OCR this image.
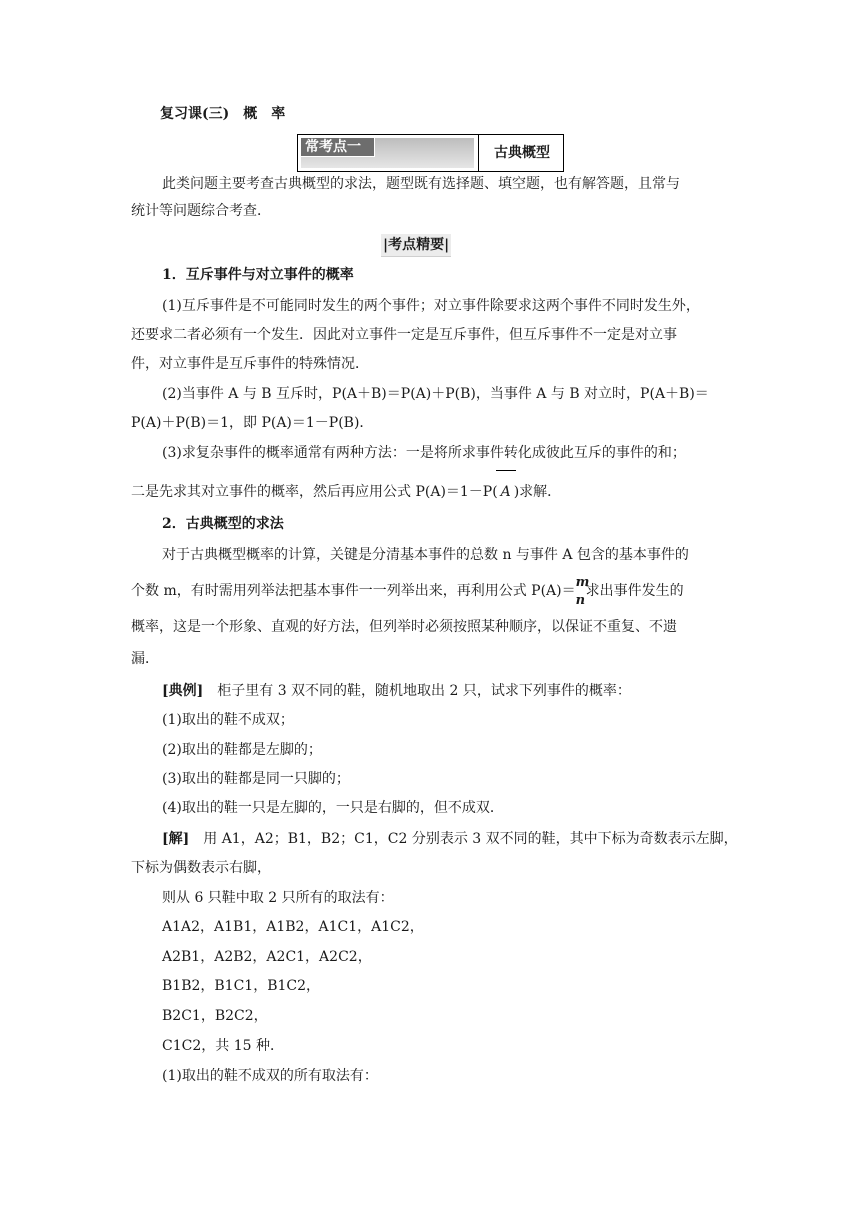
复习课(三)　概　率
常考点一	古典概型
此类问题主要考查古典概型的求法，题型既有选择题、填空题，也有解答题，且常与
统计等问题综合考查．
|考点精要|
1．互斥事件与对立事件的概率
(1)互斥事件是不可能同时发生的两个事件；对立事件除要求这两个事件不同时发生外，
还要求二者必须有一个发生．因此对立事件一定是互斥事件，但互斥事件不一定是对立事
件，对立事件是互斥事件的特殊情况．
(2)当事件 A 与 B 互斥时，P(A＋B)＝P(A)＋P(B)，当事件 A 与 B 对立时，P(A＋B)＝
P(A)＋P(B)＝1，即 P(A)＝1－P(B)．
(3)求复杂事件的概率通常有两种方法：一是将所求事件转化成彼此互斥的事件的和；
二是先求其对立事件的概率，然后再应用公式 P(A)＝1－P( A )求解．
2．古典概型的求法
对于古典概型概率的计算，关键是分清基本事件的总数 n 与事件 A 包含的基本事件的
个数 m，有时需用列举法把基本事件一一列举出来，再利用公式 P(A)＝
m
n
求出事件发生的
概率，这是一个形象、直观的好方法，但列举时必须按照某种顺序，以保证不重复、不遗
漏．
[典例]　柜子里有 3 双不同的鞋，随机地取出 2 只，试求下列事件的概率：
(1)取出的鞋不成双；
(2)取出的鞋都是左脚的；
(3)取出的鞋都是同一只脚的；
(4)取出的鞋一只是左脚的，一只是右脚的，但不成双．
[解]　用 A1，A2；B1，B2；C1，C2 分别表示 3 双不同的鞋，其中下标为奇数表示左脚，
下标为偶数表示右脚，
则从 6 只鞋中取 2 只所有的取法有：
A1A2，A1B1，A1B2，A1C1，A1C2，
A2B1，A2B2，A2C1，A2C2，
B1B2，B1C1，B1C2，
B2C1，B2C2，
C1C2，共 15 种．
(1)取出的鞋不成双的所有取法有：
